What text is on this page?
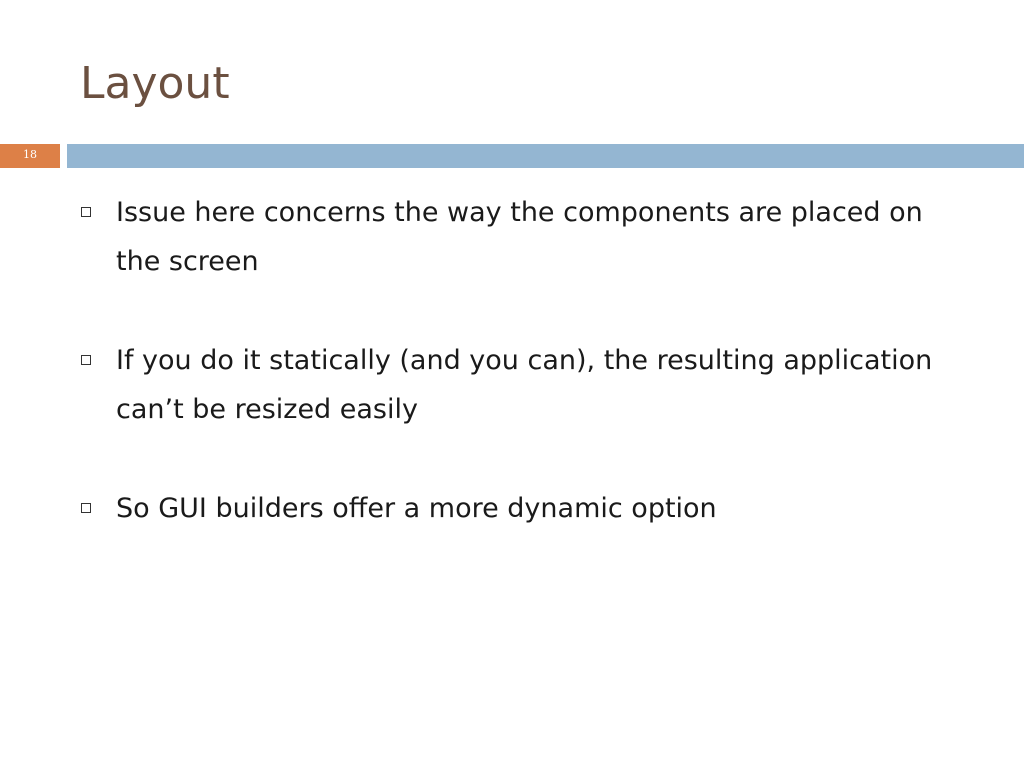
Layout
18
Issue here concerns the way the components are placed on the screen
If you do it statically (and you can), the resulting application can’t be resized easily
So GUI builders offer a more dynamic option
